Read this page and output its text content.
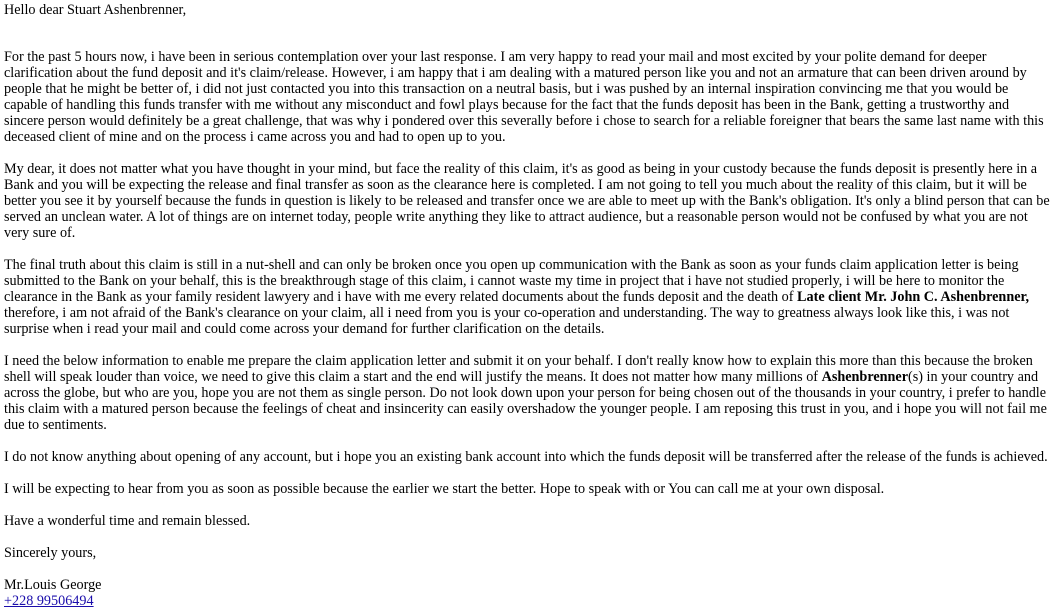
Hello dear Stuart Ashenbrenner,
For the past 5 hours now, i have been in serious contemplation over your last response. I am very happy to read your mail and most excited by your polite demand for deeper clarification about the fund deposit and it's claim/release. However, i am happy that i am dealing with a matured person like you and not an armature that can been driven around by people that he might be better of, i did not just contacted you into this transaction on a neutral basis, but i was pushed by an internal inspiration convincing me that you would be capable of handling this funds transfer with me without any misconduct and fowl plays because for the fact that the funds deposit has been in the Bank, getting a trustworthy and sincere person would definitely be a great challenge, that was why i pondered over this severally before i chose to search for a reliable foreigner that bears the same last name with this deceased client of mine and on the process i came across you and had to open up to you.
My dear, it does not matter what you have thought in your mind, but face the reality of this claim, it's as good as being in your custody because the funds deposit is presently here in a Bank and you will be expecting the release and final transfer as soon as the clearance here is completed. I am not going to tell you much about the reality of this claim, but it will be better you see it by yourself because the funds in question is likely to be released and transfer once we are able to meet up with the Bank's obligation. It's only a blind person that can be served an unclean water. A lot of things are on internet today, people write anything they like to attract audience, but a reasonable person would not be confused by what you are not very sure of.
The final truth about this claim is still in a nut-shell and can only be broken once you open up communication with the Bank as soon as your funds claim application letter is being submitted to the Bank on your behalf, this is the breakthrough stage of this claim, i cannot waste my time in project that i have not studied properly, i will be here to monitor the clearance in the Bank as your family resident lawyery and i have with me every related documents about the funds deposit and the death of Late client Mr. John C. Ashenbrenner, therefore, i am not afraid of the Bank's clearance on your claim, all i need from you is your co-operation and understanding. The way to greatness always look like this, i was not surprise when i read your mail and could come across your demand for further clarification on the details.
I need the below information to enable me prepare the claim application letter and submit it on your behalf. I don't really know how to explain this more than this because the broken shell will speak louder than voice, we need to give this claim a start and the end will justify the means. It does not matter how many millions of Ashenbrenner(s) in your country and across the globe, but who are you, hope you are not them as single person. Do not look down upon your person for being chosen out of the thousands in your country, i prefer to handle this claim with a matured person because the feelings of cheat and insincerity can easily overshadow the younger people. I am reposing this trust in you, and i hope you will not fail me due to sentiments.
I do not know anything about opening of any account, but i hope you an existing bank account into which the funds deposit will be transferred after the release of the funds is achieved.
I will be expecting to hear from you as soon as possible because the earlier we start the better. Hope to speak with or You can call me at your own disposal.
Have a wonderful time and remain blessed.
Sincerely yours,
Mr.Louis George
+228 99506494
